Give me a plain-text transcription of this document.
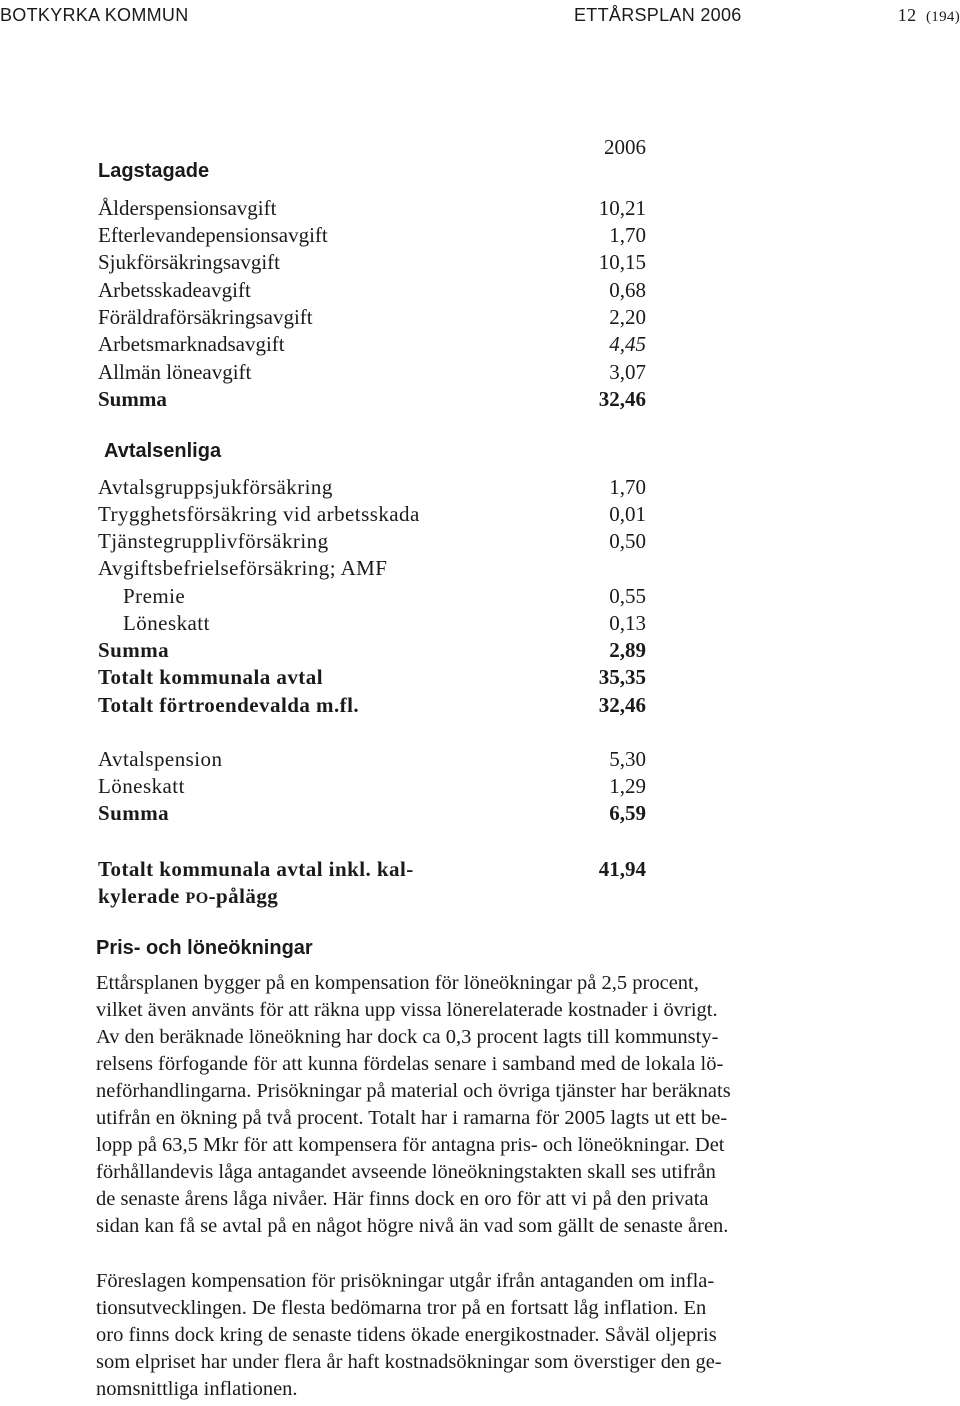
BOTKYRKA KOMMUN	ETTÅRSPLAN 2006	12 (194)
2006
Lagstagade
Ålderspensionsavgift	10,21
Efterlevandepensionsavgift	1,70
Sjukförsäkringsavgift	10,15
Arbetsskadeavgift	0,68
Föräldraförsäkringsavgift	2,20
Arbetsmarknadsavgift	4,45
Allmän löneavgift	3,07
Summa	32,46
Avtalsenliga
Avtalsgruppsjukförsäkring	1,70
Trygghetsförsäkring vid arbetsskada	0,01
Tjänstegrupplivförsäkring	0,50
Avgiftsbefrielseförsäkring; AMF
Premie	0,55
Löneskatt	0,13
Summa	2,89
Totalt kommunala avtal	35,35
Totalt förtroendevalda m.fl.	32,46
Avtalspension	5,30
Löneskatt	1,29
Summa	6,59
Totalt kommunala avtal inkl. kal-
kylerade PO-pålägg
41,94
Pris- och löneökningar
Ettårsplanen bygger på en kompensation för löneökningar på 2,5 procent,
vilket även använts för att räkna upp vissa lönerelaterade kostnader i övrigt.
Av den beräknade löneökning har dock ca 0,3 procent lagts till kommunsty-
relsens förfogande för att kunna fördelas senare i samband med de lokala lö-
neförhandlingarna. Prisökningar på material och övriga tjänster har beräknats
utifrån en ökning på två procent. Totalt har i ramarna för 2005 lagts ut ett be-
lopp på 63,5 Mkr för att kompensera för antagna pris- och löneökningar. Det
förhållandevis låga antagandet avseende löneökningstakten skall ses utifrån
de senaste årens låga nivåer. Här finns dock en oro för att vi på den privata
sidan kan få se avtal på en något högre nivå än vad som gällt de senaste åren.
Föreslagen kompensation för prisökningar utgår ifrån antaganden om infla-
tionsutvecklingen. De flesta bedömarna tror på en fortsatt låg inflation. En
oro finns dock kring de senaste tidens ökade energikostnader. Såväl oljepris
som elpriset har under flera år haft kostnadsökningar som överstiger den ge-
nomsnittliga inflationen.
